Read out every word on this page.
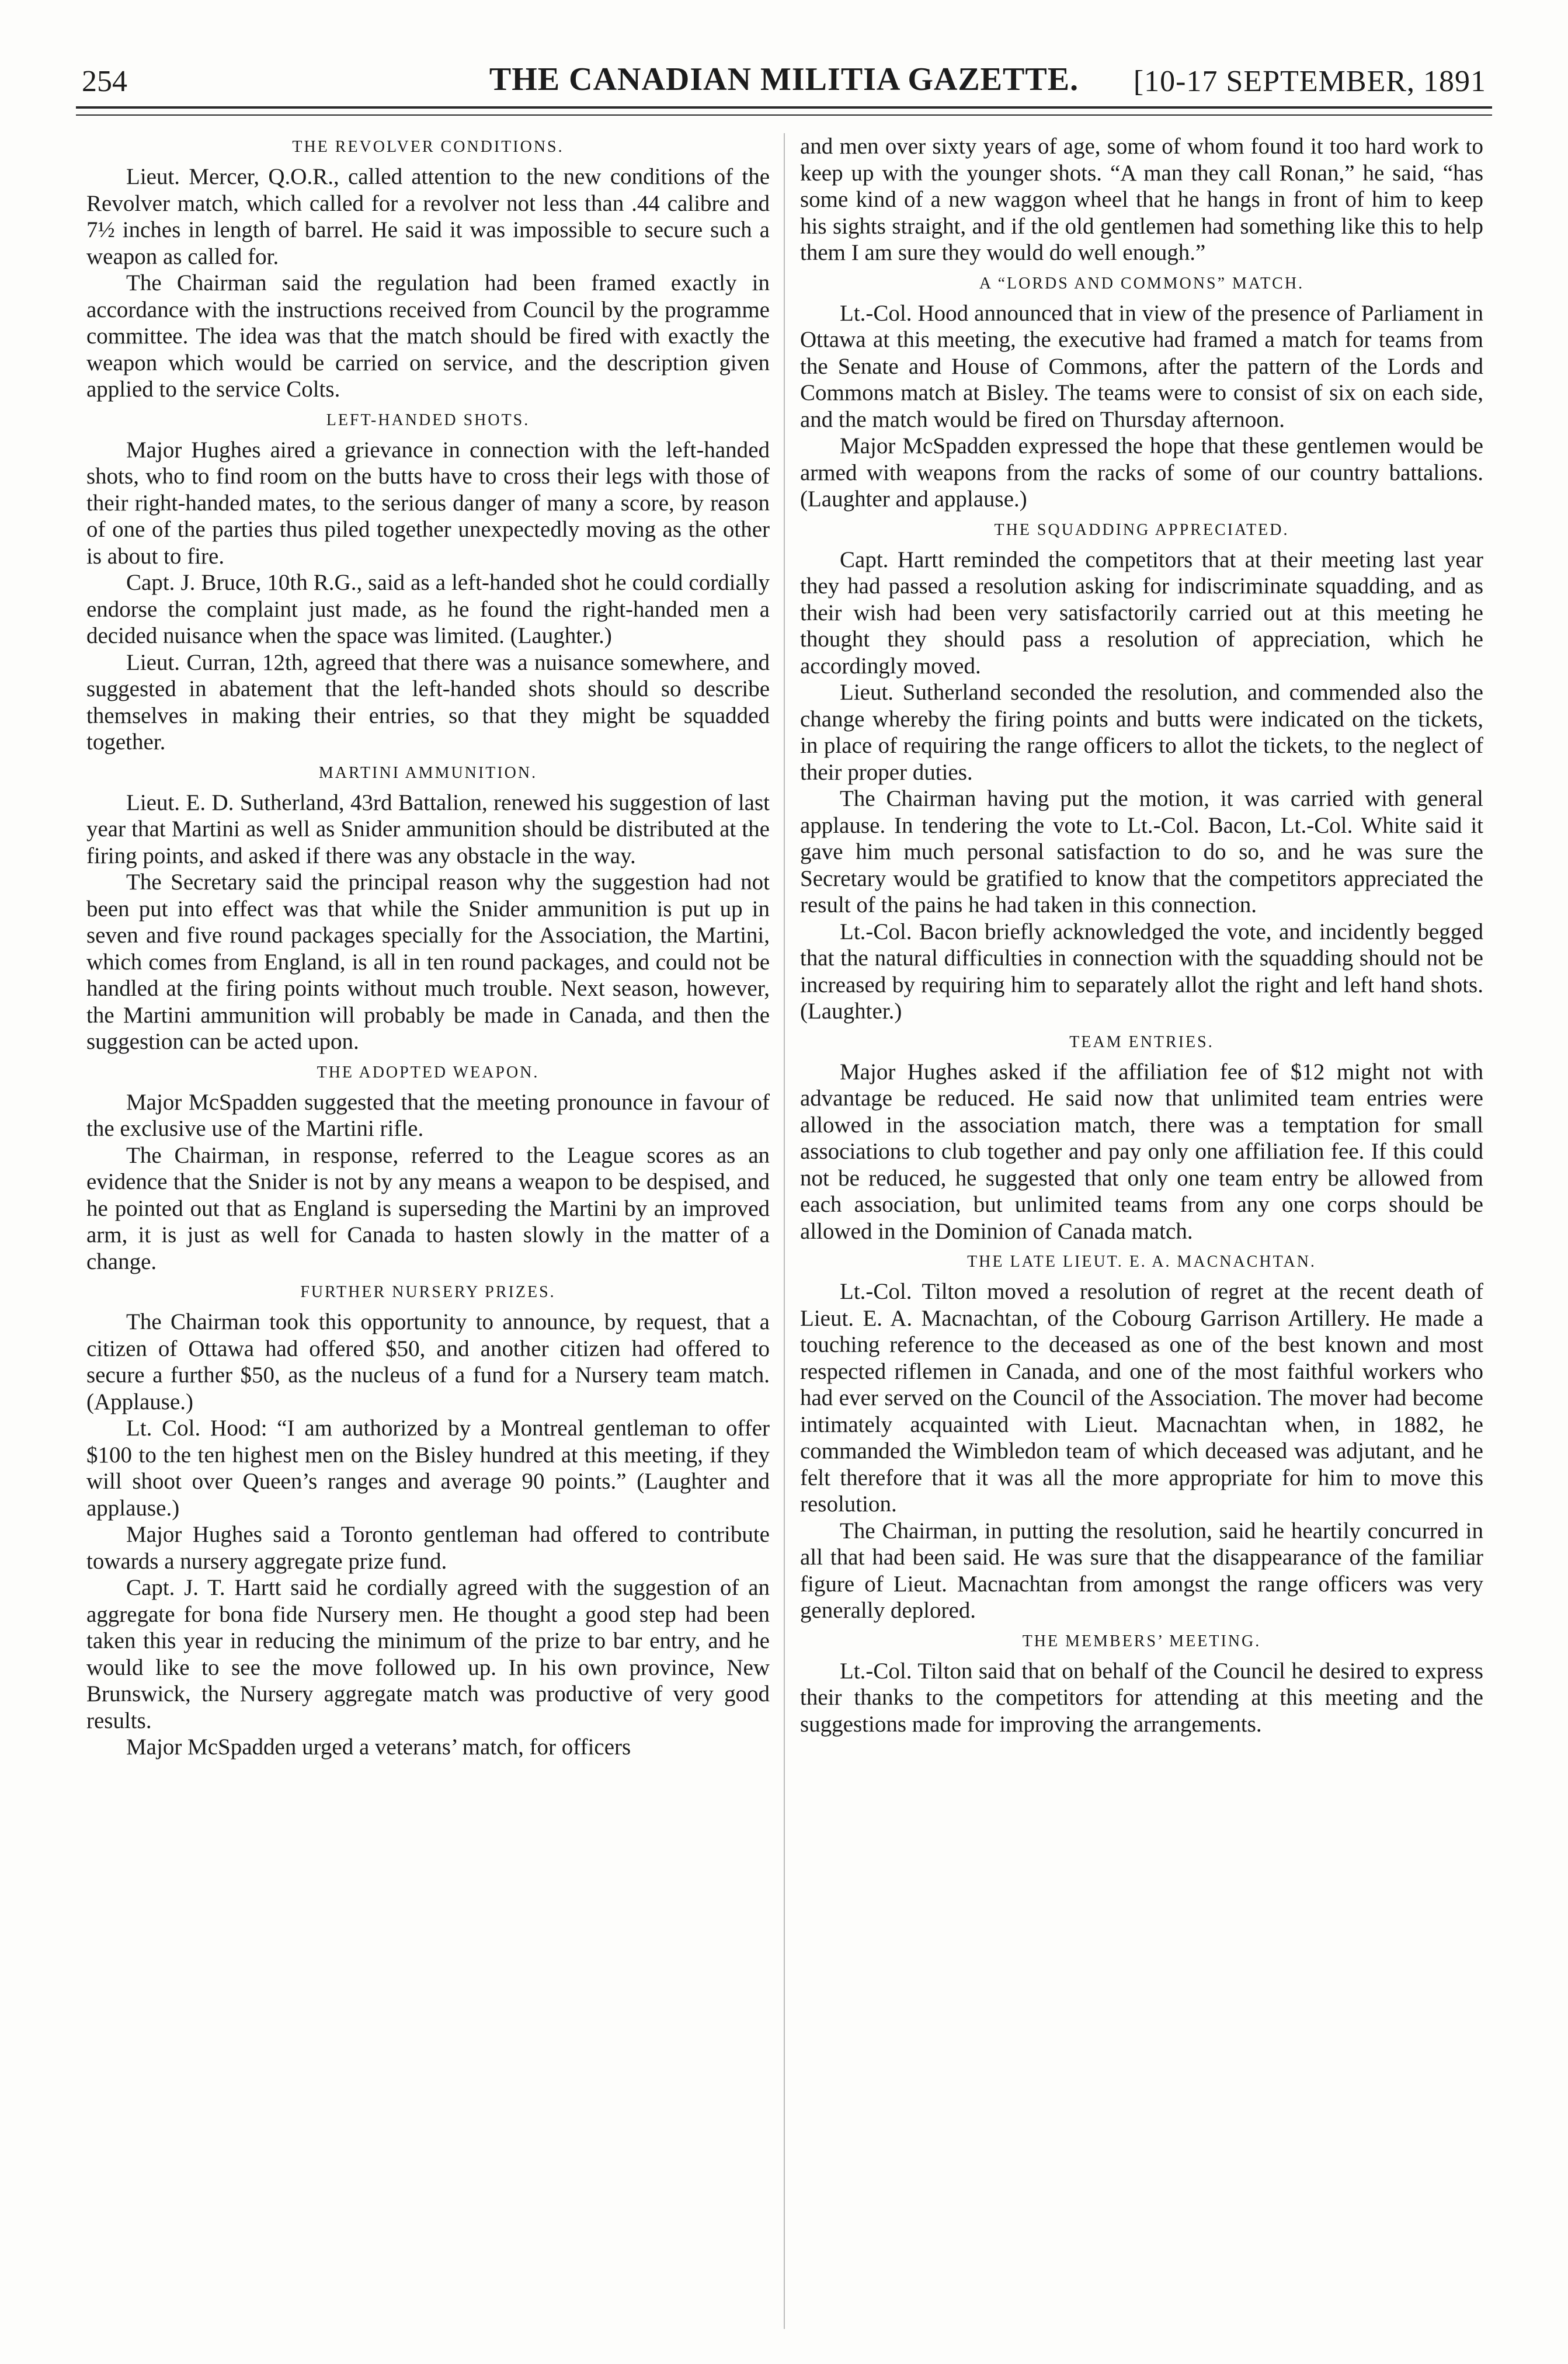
254	THE CANADIAN MILITIA GAZETTE.	[10-17 SEPTEMBER, 1891
THE REVOLVER CONDITIONS.

Lieut. Mercer, Q.O.R., called attention to the new conditions of the Revolver match, which called for a revolver not less than .44 calibre and 7½ inches in length of barrel. He said it was impossible to secure such a weapon as called for.

The Chairman said the regulation had been framed exactly in accordance with the instructions received from Council by the programme committee. The idea was that the match should be fired with exactly the weapon which would be carried on service, and the description given applied to the service Colts.

LEFT-HANDED SHOTS.

Major Hughes aired a grievance in connection with the left-handed shots, who to find room on the butts have to cross their legs with those of their right-handed mates, to the serious danger of many a score, by reason of one of the parties thus piled together unexpectedly moving as the other is about to fire.

Capt. J. Bruce, 10th R.G., said as a left-handed shot he could cordially endorse the complaint just made, as he found the right-handed men a decided nuisance when the space was limited. (Laughter.)

Lieut. Curran, 12th, agreed that there was a nuisance somewhere, and suggested in abatement that the left-handed shots should so describe themselves in making their entries, so that they might be squadded together.

MARTINI AMMUNITION.

Lieut. E. D. Sutherland, 43rd Battalion, renewed his suggestion of last year that Martini as well as Snider ammunition should be distributed at the firing points, and asked if there was any obstacle in the way.

The Secretary said the principal reason why the suggestion had not been put into effect was that while the Snider ammunition is put up in seven and five round packages specially for the Association, the Martini, which comes from England, is all in ten round packages, and could not be handled at the firing points without much trouble. Next season, however, the Martini ammunition will probably be made in Canada, and then the suggestion can be acted upon.

THE ADOPTED WEAPON.

Major McSpadden suggested that the meeting pronounce in favour of the exclusive use of the Martini rifle.

The Chairman, in response, referred to the League scores as an evidence that the Snider is not by any means a weapon to be despised, and he pointed out that as England is superseding the Martini by an improved arm, it is just as well for Canada to hasten slowly in the matter of a change.

FURTHER NURSERY PRIZES.

The Chairman took this opportunity to announce, by request, that a citizen of Ottawa had offered $50, and another citizen had offered to secure a further $50, as the nucleus of a fund for a Nursery team match. (Applause.)

Lt. Col. Hood: “I am authorized by a Montreal gentleman to offer $100 to the ten highest men on the Bisley hundred at this meeting, if they will shoot over Queen’s ranges and average 90 points.” (Laughter and applause.)

Major Hughes said a Toronto gentleman had offered to contribute towards a nursery aggregate prize fund.

Capt. J. T. Hartt said he cordially agreed with the suggestion of an aggregate for bona fide Nursery men. He thought a good step had been taken this year in reducing the minimum of the prize to bar entry, and he would like to see the move followed up. In his own province, New Brunswick, the Nursery aggregate match was productive of very good results.

Major McSpadden urged a veterans’ match, for officers

and men over sixty years of age, some of whom found it too hard work to keep up with the younger shots. “A man they call Ronan,” he said, “has some kind of a new waggon wheel that he hangs in front of him to keep his sights straight, and if the old gentlemen had something like this to help them I am sure they would do well enough.”

A “LORDS AND COMMONS” MATCH.

Lt.-Col. Hood announced that in view of the presence of Parliament in Ottawa at this meeting, the executive had framed a match for teams from the Senate and House of Commons, after the pattern of the Lords and Commons match at Bisley. The teams were to consist of six on each side, and the match would be fired on Thursday afternoon.

Major McSpadden expressed the hope that these gentlemen would be armed with weapons from the racks of some of our country battalions. (Laughter and applause.)

THE SQUADDING APPRECIATED.

Capt. Hartt reminded the competitors that at their meeting last year they had passed a resolution asking for indiscriminate squadding, and as their wish had been very satisfactorily carried out at this meeting he thought they should pass a resolution of appreciation, which he accordingly moved.

Lieut. Sutherland seconded the resolution, and commended also the change whereby the firing points and butts were indicated on the tickets, in place of requiring the range officers to allot the tickets, to the neglect of their proper duties.

The Chairman having put the motion, it was carried with general applause. In tendering the vote to Lt.-Col. Bacon, Lt.-Col. White said it gave him much personal satisfaction to do so, and he was sure the Secretary would be gratified to know that the competitors appreciated the result of the pains he had taken in this connection.

Lt.-Col. Bacon briefly acknowledged the vote, and incidently begged that the natural difficulties in connection with the squadding should not be increased by requiring him to separately allot the right and left hand shots. (Laughter.)

TEAM ENTRIES.

Major Hughes asked if the affiliation fee of $12 might not with advantage be reduced. He said now that unlimited team entries were allowed in the association match, there was a temptation for small associations to club together and pay only one affiliation fee. If this could not be reduced, he suggested that only one team entry be allowed from each association, but unlimited teams from any one corps should be allowed in the Dominion of Canada match.

THE LATE LIEUT. E. A. MACNACHTAN.

Lt.-Col. Tilton moved a resolution of regret at the recent death of Lieut. E. A. Macnachtan, of the Cobourg Garrison Artillery. He made a touching reference to the deceased as one of the best known and most respected riflemen in Canada, and one of the most faithful workers who had ever served on the Council of the Association. The mover had become intimately acquainted with Lieut. Macnachtan when, in 1882, he commanded the Wimbledon team of which deceased was adjutant, and he felt therefore that it was all the more appropriate for him to move this resolution.

The Chairman, in putting the resolution, said he heartily concurred in all that had been said. He was sure that the disappearance of the familiar figure of Lieut. Macnachtan from amongst the range officers was very generally deplored.

THE MEMBERS’ MEETING.

Lt.-Col. Tilton said that on behalf of the Council he desired to express their thanks to the competitors for attending at this meeting and the suggestions made for improving the arrangements.
